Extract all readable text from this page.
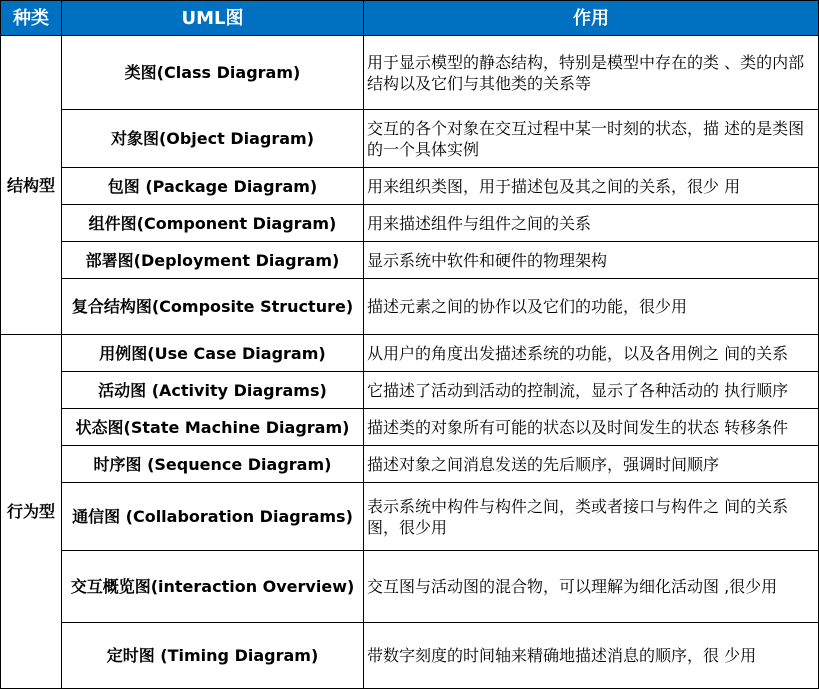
种类	UML图	作用
结构型	类图(Class Diagram)	用于显示模型的静态结构，特别是模型中存在的类 、类的内部结构以及它们与其他类的关系等
	对象图(Object Diagram)	交互的各个对象在交互过程中某一时刻的状态，描 述的是类图的一个具体实例
	包图 (Package Diagram)	用来组织类图，用于描述包及其之间的关系，很少 用
	组件图(Component Diagram)	用来描述组件与组件之间的关系
	部署图(Deployment Diagram)	显示系统中软件和硬件的物理架构
	复合结构图(Composite Structure)	描述元素之间的协作以及它们的功能，很少用
行为型	用例图(Use Case Diagram)	从用户的角度出发描述系统的功能，以及各用例之 间的关系
	活动图 (Activity Diagrams)	它描述了活动到活动的控制流，显示了各种活动的 执行顺序
	状态图(State Machine Diagram)	描述类的对象所有可能的状态以及时间发生的状态 转移条件
	时序图 (Sequence Diagram)	描述对象之间消息发送的先后顺序，强调时间顺序
	通信图 (Collaboration Diagrams)	表示系统中构件与构件之间，类或者接口与构件之 间的关系图，很少用
	交互概览图(interaction Overview)	交互图与活动图的混合物，可以理解为细化活动图 ,很少用
	定时图 (Timing Diagram)	带数字刻度的时间轴来精确地描述消息的顺序，很 少用
